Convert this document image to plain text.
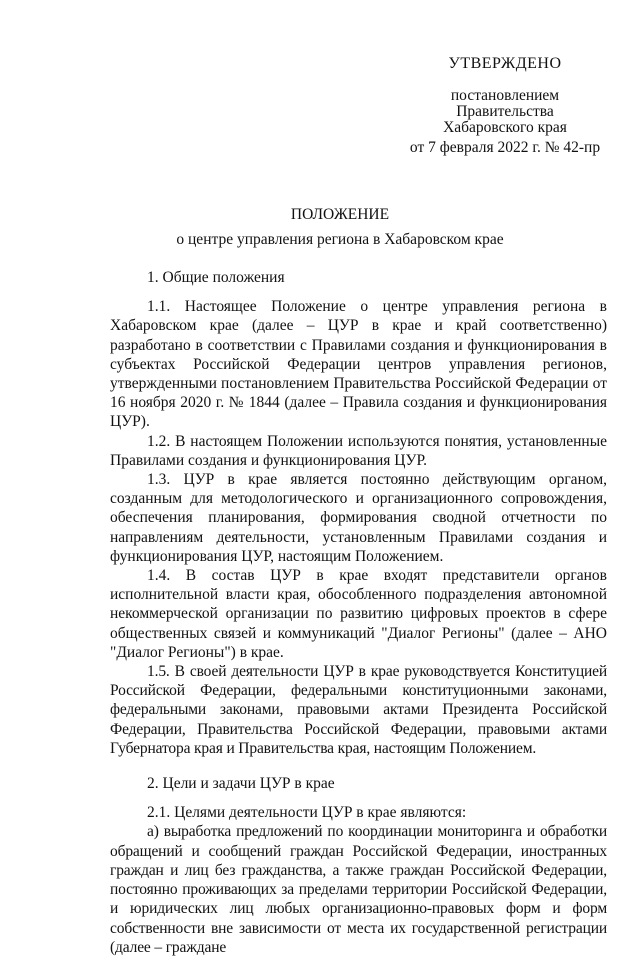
УТВЕРЖДЕНО
постановлением
Правительства
Хабаровского края
от 7 февраля 2022 г. № 42-пр
ПОЛОЖЕНИЕ
о центре управления региона в Хабаровском крае

1. Общие положения

1.1. Настоящее Положение о центре управления региона в Хабаровском крае (далее – ЦУР в крае и край соответственно) разработано в соответствии с Правилами создания и функционирования в субъектах Российской Федерации центров управления регионов, утвержденными постановлением Правительства Российской Федерации от 16 ноября 2020 г. № 1844 (далее – Правила создания и функционирования ЦУР).

1.2. В настоящем Положении используются понятия, установленные Правилами создания и функционирования ЦУР.

1.3. ЦУР в крае является постоянно действующим органом, созданным для методологического и организационного сопровождения, обеспечения планирования, формирования сводной отчетности по направлениям деятельности, установленным Правилами создания и функционирования ЦУР, настоящим Положением.

1.4. В состав ЦУР в крае входят представители органов исполнительной власти края, обособленного подразделения автономной некоммерческой организации по развитию цифровых проектов в сфере общественных связей и коммуникаций "Диалог Регионы" (далее – АНО "Диалог Регионы") в крае.

1.5. В своей деятельности ЦУР в крае руководствуется Конституцией Российской Федерации, федеральными конституционными законами, федеральными законами, правовыми актами Президента Российской Федерации, Правительства Российской Федерации, правовыми актами Губернатора края и Правительства края, настоящим Положением.

2. Цели и задачи ЦУР в крае

2.1. Целями деятельности ЦУР в крае являются:

а) выработка предложений по координации мониторинга и обработки обращений и сообщений граждан Российской Федерации, иностранных граждан и лиц без гражданства, а также граждан Российской Федерации, постоянно проживающих за пределами территории Российской Федерации, и юридических лиц любых организационно-правовых форм и форм собственности вне зависимости от места их государственной регистрации (далее – граждане
